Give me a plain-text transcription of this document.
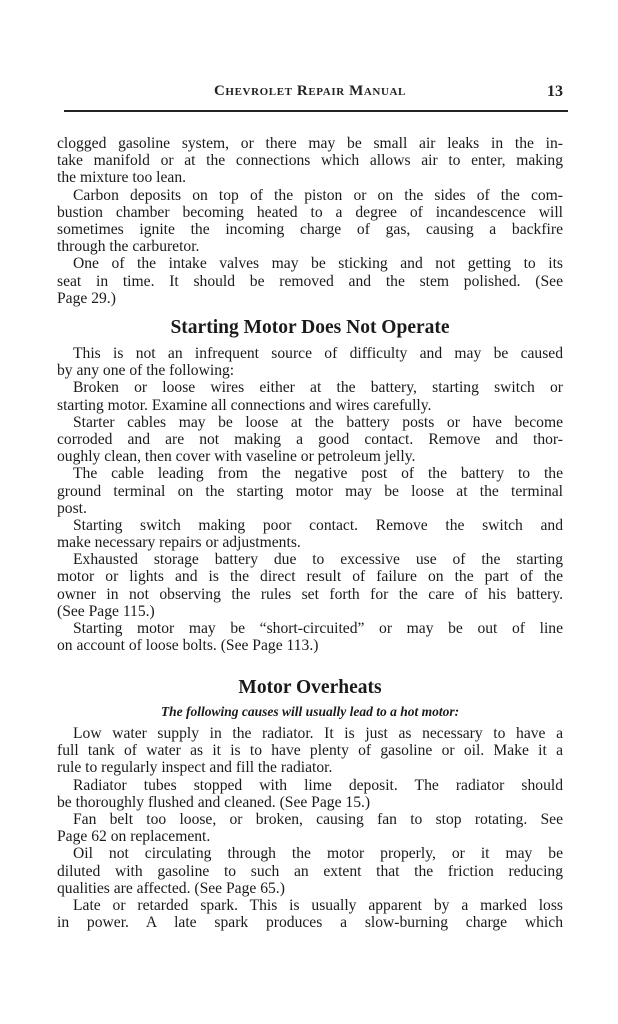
Chevrolet Repair Manual	13
clogged gasoline system, or there may be small air leaks in the in-
take manifold or at the connections which allows air to enter, making
the mixture too lean.
Carbon deposits on top of the piston or on the sides of the com-
bustion chamber becoming heated to a degree of incandescence will
sometimes ignite the incoming charge of gas, causing a backfire
through the carburetor.
One of the intake valves may be sticking and not getting to its
seat in time. It should be removed and the stem polished. (See
Page 29.)
Starting Motor Does Not Operate
This is not an infrequent source of difficulty and may be caused
by any one of the following:
Broken or loose wires either at the battery, starting switch or
starting motor. Examine all connections and wires carefully.
Starter cables may be loose at the battery posts or have become
corroded and are not making a good contact. Remove and thor-
oughly clean, then cover with vaseline or petroleum jelly.
The cable leading from the negative post of the battery to the
ground terminal on the starting motor may be loose at the terminal
post.
Starting switch making poor contact. Remove the switch and
make necessary repairs or adjustments.
Exhausted storage battery due to excessive use of the starting
motor or lights and is the direct result of failure on the part of the
owner in not observing the rules set forth for the care of his battery.
(See Page 115.)
Starting motor may be “short-circuited” or may be out of line
on account of loose bolts. (See Page 113.)
Motor Overheats
The following causes will usually lead to a hot motor:
Low water supply in the radiator. It is just as necessary to have a
full tank of water as it is to have plenty of gasoline or oil. Make it a
rule to regularly inspect and fill the radiator.
Radiator tubes stopped with lime deposit. The radiator should
be thoroughly flushed and cleaned. (See Page 15.)
Fan belt too loose, or broken, causing fan to stop rotating. See
Page 62 on replacement.
Oil not circulating through the motor properly, or it may be
diluted with gasoline to such an extent that the friction reducing
qualities are affected. (See Page 65.)
Late or retarded spark. This is usually apparent by a marked loss
in power. A late spark produces a slow-burning charge which
